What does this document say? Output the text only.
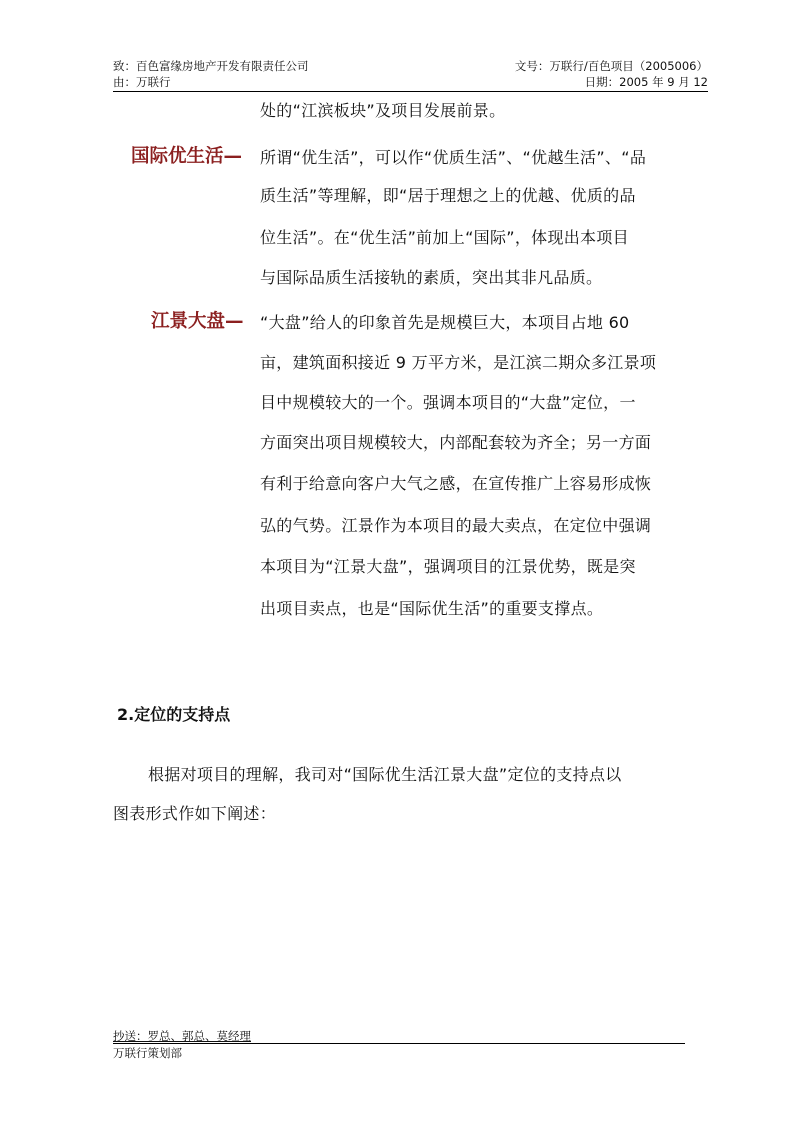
致：百色富缘房地产开发有限责任公司
由：万联行
文号：万联行/百色项目（2005006）
日期：2005 年 9 月 12
处的“江滨板块”及项目发展前景。
国际优生活— 所谓“优生活”，可以作“优质生活”、“优越生活”、“品
质生活”等理解，即“居于理想之上的优越、优质的品
位生活”。在“优生活”前加上“国际”，体现出本项目
与国际品质生活接轨的素质，突出其非凡品质。
江景大盘— “大盘”给人的印象首先是规模巨大，本项目占地 60
亩，建筑面积接近 9 万平方米，是江滨二期众多江景项
目中规模较大的一个。强调本项目的“大盘”定位，一
方面突出项目规模较大，内部配套较为齐全；另一方面
有利于给意向客户大气之感，在宣传推广上容易形成恢
弘的气势。江景作为本项目的最大卖点，在定位中强调
本项目为“江景大盘”，强调项目的江景优势，既是突
出项目卖点，也是“国际优生活”的重要支撑点。
2.定位的支持点
根据对项目的理解，我司对“国际优生活江景大盘”定位的支持点以
图表形式作如下阐述：
抄送：罗总、郭总、莫经理
万联行策划部
